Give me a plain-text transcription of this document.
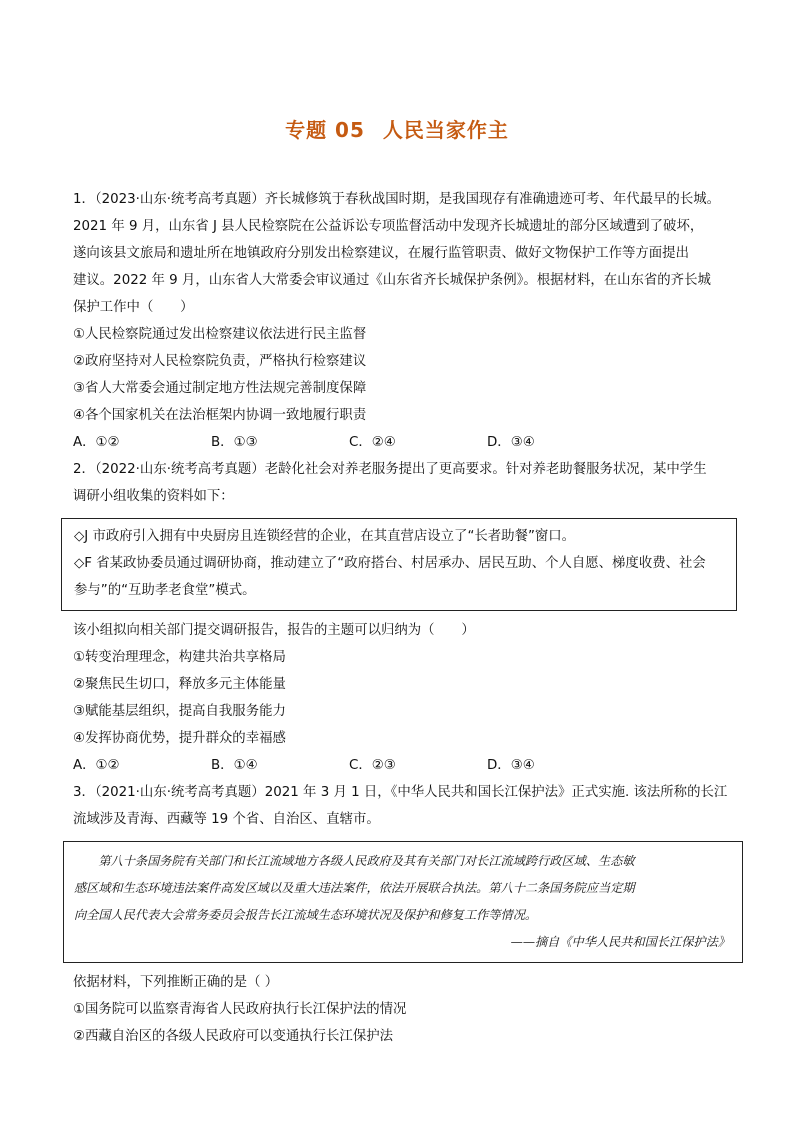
专题 05 人民当家作主
1．（2023·山东·统考高考真题）齐长城修筑于春秋战国时期，是我国现存有准确遗迹可考、年代最早的长城。
2021 年 9 月，山东省 J 县人民检察院在公益诉讼专项监督活动中发现齐长城遗址的部分区域遭到了破坏，
遂向该县文旅局和遗址所在地镇政府分别发出检察建议，在履行监管职责、做好文物保护工作等方面提出
建议。2022 年 9 月，山东省人大常委会审议通过《山东省齐长城保护条例》。根据材料，在山东省的齐长城
保护工作中（　　）
①人民检察院通过发出检察建议依法进行民主监督
②政府坚持对人民检察院负责，严格执行检察建议
③省人大常委会通过制定地方性法规完善制度保障
④各个国家机关在法治框架内协调一致地履行职责
A．①②	B．①③	C．②④	D．③④
2．（2022·山东·统考高考真题）老龄化社会对养老服务提出了更高要求。针对养老助餐服务状况，某中学生
调研小组收集的资料如下：
◇J 市政府引入拥有中央厨房且连锁经营的企业，在其直营店设立了“长者助餐”窗口。
◇F 省某政协委员通过调研协商，推动建立了“政府搭台、村居承办、居民互助、个人自愿、梯度收费、社会
参与”的“互助孝老食堂”模式。
该小组拟向相关部门提交调研报告，报告的主题可以归纳为（　　）
①转变治理理念，构建共治共享格局
②聚焦民生切口，释放多元主体能量
③赋能基层组织，提高自我服务能力
④发挥协商优势，提升群众的幸福感
A．①②	B．①④	C．②③	D．③④
3．（2021·山东·统考高考真题）2021 年 3 月 1 日，《中华人民共和国长江保护法》正式实施. 该法所称的长江
流域涉及青海、西藏等 19 个省、自治区、直辖市。
　　第八十条国务院有关部门和长江流域地方各级人民政府及其有关部门对长江流域跨行政区域、生态敏
感区域和生态环境违法案件高发区域以及重大违法案件，依法开展联合执法。第八十二条国务院应当定期
向全国人民代表大会常务委员会报告长江流域生态环境状况及保护和修复工作等情况。
——摘自《中华人民共和国长江保护法》
依据材料，下列推断正确的是（ ）
①国务院可以监察青海省人民政府执行长江保护法的情况
②西藏自治区的各级人民政府可以变通执行长江保护法
